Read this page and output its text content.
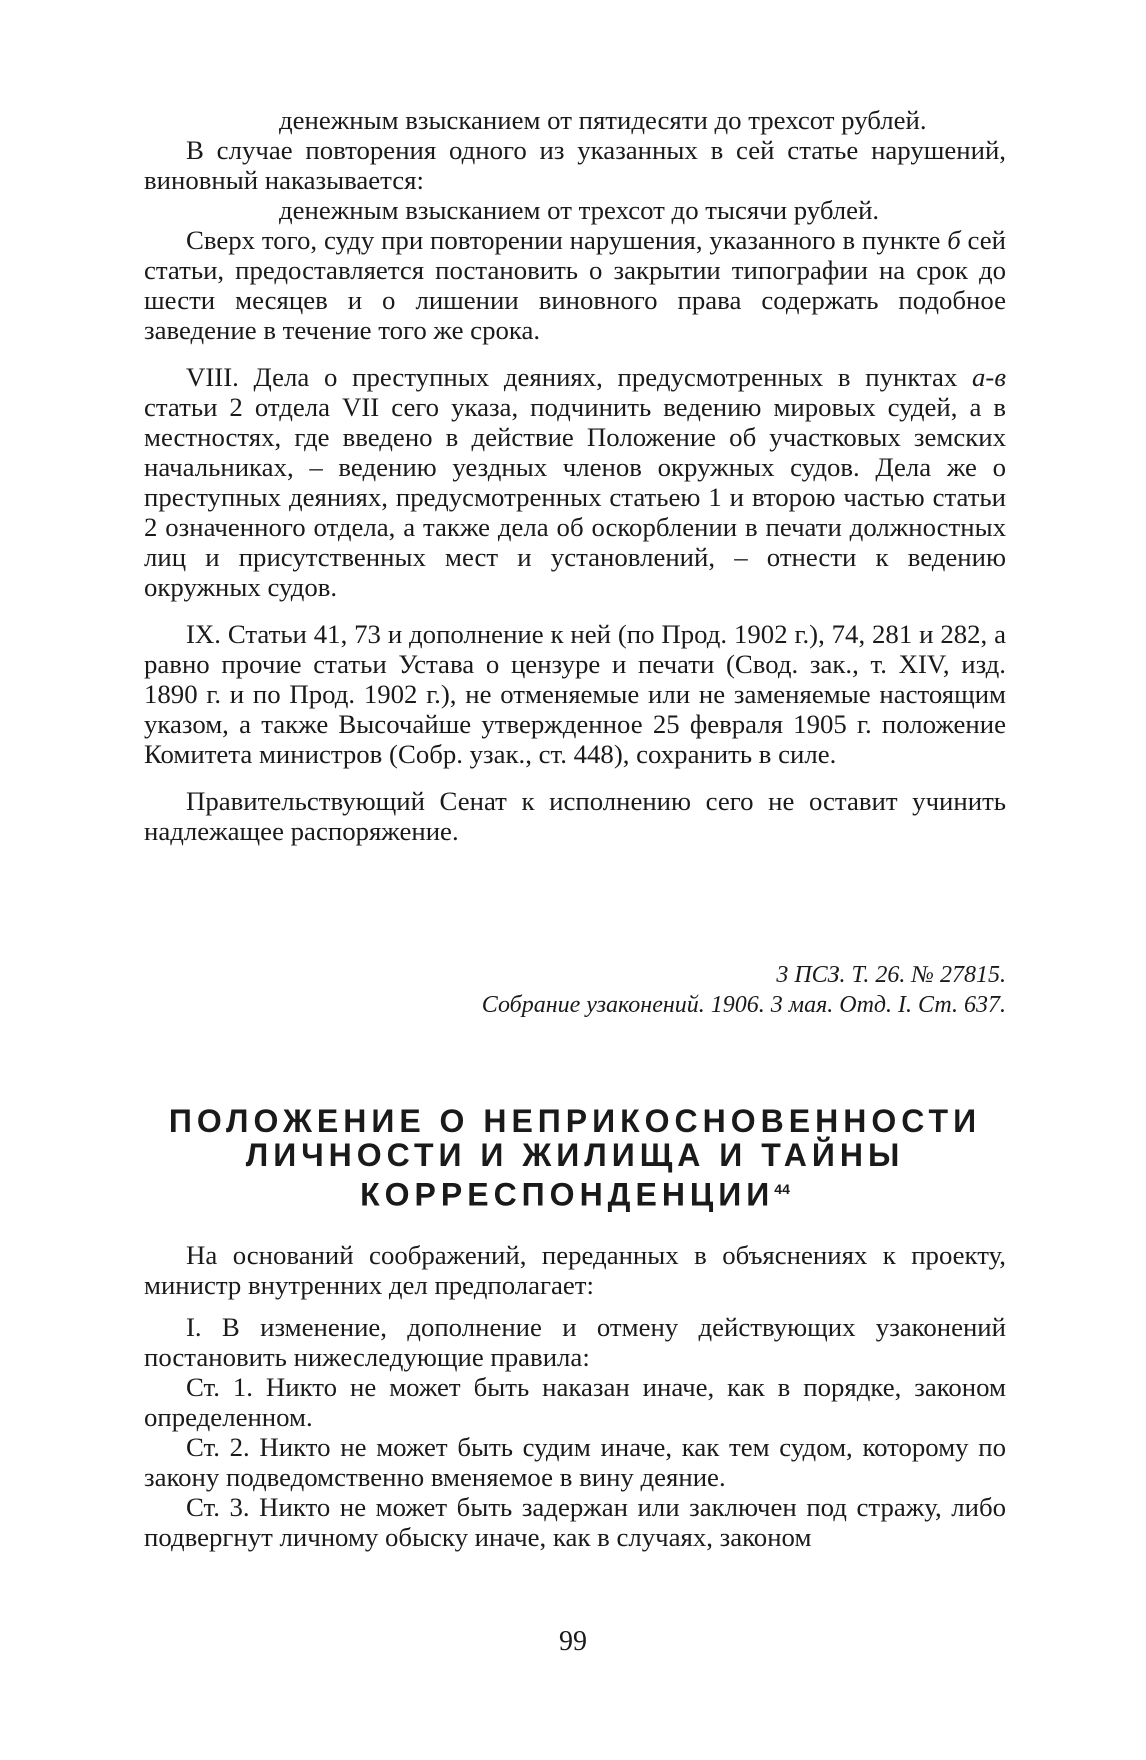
денежным взысканием от пятидесяти до трехсот рублей.

В случае повторения одного из указанных в сей статье нарушений, виновный наказывается:

денежным взысканием от трехсот до тысячи рублей.

Сверх того, суду при повторении нарушения, указанного в пункте б сей статьи, предоставляется постановить о закрытии типографии на срок до шести месяцев и о лишении виновного права содержать подобное заведение в течение того же срока.

VIII. Дела о преступных деяниях, предусмотренных в пунктах а-в статьи 2 отдела VII сего указа, подчинить ведению мировых судей, а в местностях, где введено в действие Положение об участковых земских начальниках, – ведению уездных членов окружных судов. Дела же о преступных деяниях, предусмотренных статьею 1 и второю частью статьи 2 означенного отдела, а также дела об оскорблении в печати должностных лиц и присутственных мест и установлений, – отнести к ведению окружных судов.

IX. Статьи 41, 73 и дополнение к ней (по Прод. 1902 г.), 74, 281 и 282, а равно прочие статьи Устава о цензуре и печати (Свод. зак., т. XIV, изд. 1890 г. и по Прод. 1902 г.), не отменяемые или не заменяемые настоящим указом, а также Высочайше утвержденное 25 февраля 1905 г. положение Комитета министров (Собр. узак., ст. 448), сохранить в силе.

Правительствующий Сенат к исполнению сего не оставит учинить надлежащее распоряжение.

3 ПСЗ. Т. 26. № 27815.
Собрание узаконений. 1906. 3 мая. Отд. I. Ст. 637.
ПОЛОЖЕНИЕ О НЕПРИКОСНОВЕННОСТИ
ЛИЧНОСТИ И ЖИЛИЩА И ТАЙНЫ
КОРРЕСПОНДЕНЦИИ$^{44}$

На оснований соображений, переданных в объяснениях к проекту, министр внутренних дел предполагает:

I. В изменение, дополнение и отмену действующих узаконений постановить нижеследующие правила:

Ст. 1. Никто не может быть наказан иначе, как в порядке, законом определенном.

Ст. 2. Никто не может быть судим иначе, как тем судом, которому по закону подведомственно вменяемое в вину деяние.

Ст. 3. Никто не может быть задержан или заключен под стражу, либо подвергнут личному обыску иначе, как в случаях, законом

99
